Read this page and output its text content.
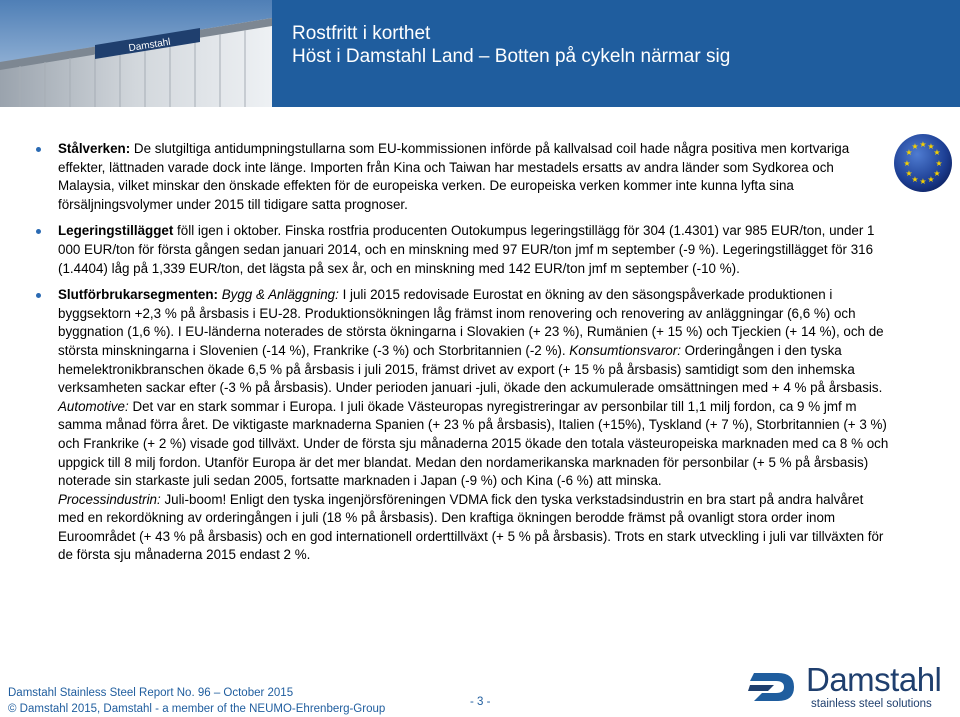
Damstahl
Rostfritt i korthet
Höst i Damstahl Land – Botten på cykeln närmar sig
★ ★
★
★
★
★
★
★
★
★
★
★

Stålverken: De slutgiltiga antidumpningstullarna som EU-kommissionen införde på kallvalsad coil hade några positiva men kortvariga effekter, lättnaden varade dock inte länge. Importen från Kina och Taiwan har mestadels ersatts av andra länder som Sydkorea och Malaysia, vilket minskar den önskade effekten för de europeiska verken. De europeiska verken kommer inte kunna lyfta sina försäljningsvolymer under 2015 till tidigare satta prognoser.

Legeringstillägget föll igen i oktober. Finska rostfria producenten Outokumpus legeringstillägg för 304 (1.4301) var 985 EUR/ton, under 1 000 EUR/ton för första gången sedan januari 2014, och en minskning med 97 EUR/ton jmf m september (-9 %). Legeringstillägget för 316 (1.4404) låg på 1,339 EUR/ton, det lägsta på sex år, och en minskning med 142 EUR/ton jmf m september (-10 %).

Slutförbrukarsegmenten: Bygg & Anläggning: I juli 2015 redovisade Eurostat en ökning av den säsongspåverkade produktionen i byggsektorn +2,3 % på årsbasis i EU-28. Produktionsökningen låg främst inom renovering och renovering av anläggningar (6,6 %) och byggnation (1,6 %). I EU-länderna noterades de största ökningarna i Slovakien (+ 23 %), Rumänien (+ 15 %) och Tjeckien (+ 14 %), och de största minskningarna i Slovenien (-14 %), Frankrike (-3 %) och Storbritannien (-2 %). Konsumtionsvaror: Orderingången i den tyska hemelektronikbranschen ökade 6,5 % på årsbasis i juli 2015, främst drivet av export (+ 15 % på årsbasis) samtidigt som den inhemska verksamheten sackar efter (-3 % på årsbasis). Under perioden januari -juli, ökade den ackumulerade omsättningen med + 4 % på årsbasis. Automotive: Det var en stark sommar i Europa. I juli ökade Västeuropas nyregistreringar av personbilar till 1,1 milj fordon, ca 9 % jmf m samma månad förra året. De viktigaste marknaderna Spanien (+ 23 % på årsbasis), Italien (+15%), Tyskland (+ 7 %), Storbritannien (+ 3 %) och Frankrike (+ 2 %) visade god tillväxt. Under de första sju månaderna 2015 ökade den totala västeuropeiska marknaden med ca 8 % och uppgick till 8 milj fordon. Utanför Europa är det mer blandat. Medan den nordamerikanska marknaden för personbilar (+ 5 % på årsbasis) noterade sin starkaste juli sedan 2005, fortsatte marknaden i Japan (-9 %) och Kina (-6 %) att minska.
Processindustrin: Juli-boom! Enligt den tyska ingenjörsföreningen VDMA fick den tyska verkstadsindustrin en bra start på andra halvåret med en rekordökning av orderingången i juli (18 % på årsbasis). Den kraftiga ökningen berodde främst på ovanligt stora order inom Euroområdet (+ 43 % på årsbasis) och en god internationell orderttillväxt (+ 5 % på årsbasis). Trots en stark utveckling i juli var tillväxten för de första sju månaderna 2015 endast 2 %.

Damstahl Stainless Steel Report No. 96 – October 2015
© Damstahl 2015, Damstahl - a member of the NEUMO-Ehrenberg-Group
- 3 -
Damstahl
stainless steel solutions
